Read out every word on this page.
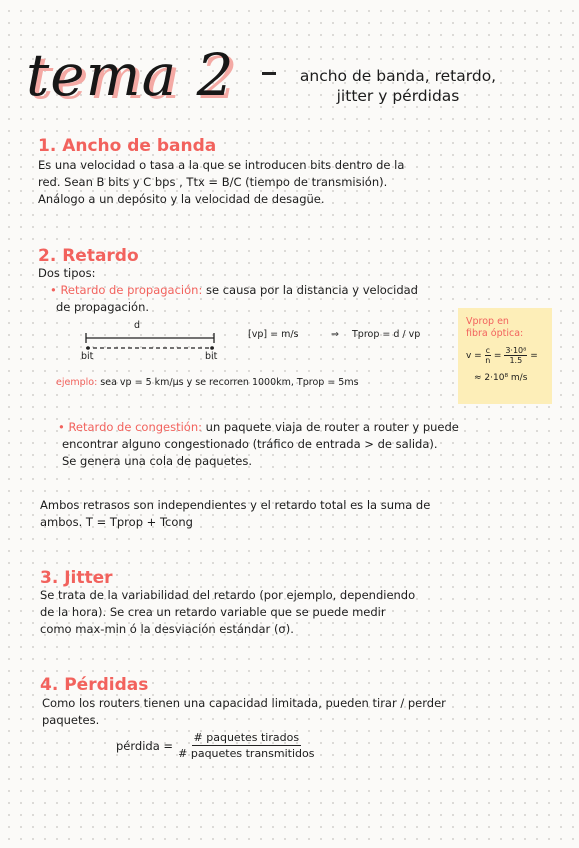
tema 2	ancho de banda, retardo,
jitter y pérdidas
1. Ancho de banda
Es una velocidad o tasa a la que se introducen bits dentro de la
red. Sean B bits y C bps , Ttx = B/C (tiempo de transmisión).
Análogo a un depósito y la velocidad de desagüe.
2. Retardo
Dos tipos:
• Retardo de propagación: se causa por la distancia y velocidad
de propagación.
d
bit	bit
[vp] = m/s	⇒ Tprop = d / vp
Vprop en
fibra óptica:
$v = \frac{c}{n} = \frac{\text{3·10⁸}}{1.5}$ =
≈ 2·10⁸ m/s
ejemplo: sea vp = 5 km/μs y se recorren 1000km, Tprop = 5ms
• Retardo de congestión: un paquete viaja de router a router y puede
encontrar alguno congestionado (tráfico de entrada > de salida).
Se genera una cola de paquetes.
Ambos retrasos son independientes y el retardo total es la suma de
ambos. T = Tprop + Tcong
3. Jitter
Se trata de la variabilidad del retardo (por ejemplo, dependiendo
de la hora). Se crea un retardo variable que se puede medir
como max-min ó la desviación estándar (σ).
4. Pérdidas
Como los routers tienen una capacidad limitada, pueden tirar / perder
paquetes.
pérdida =
# paquetes tirados
# paquetes transmitidos
